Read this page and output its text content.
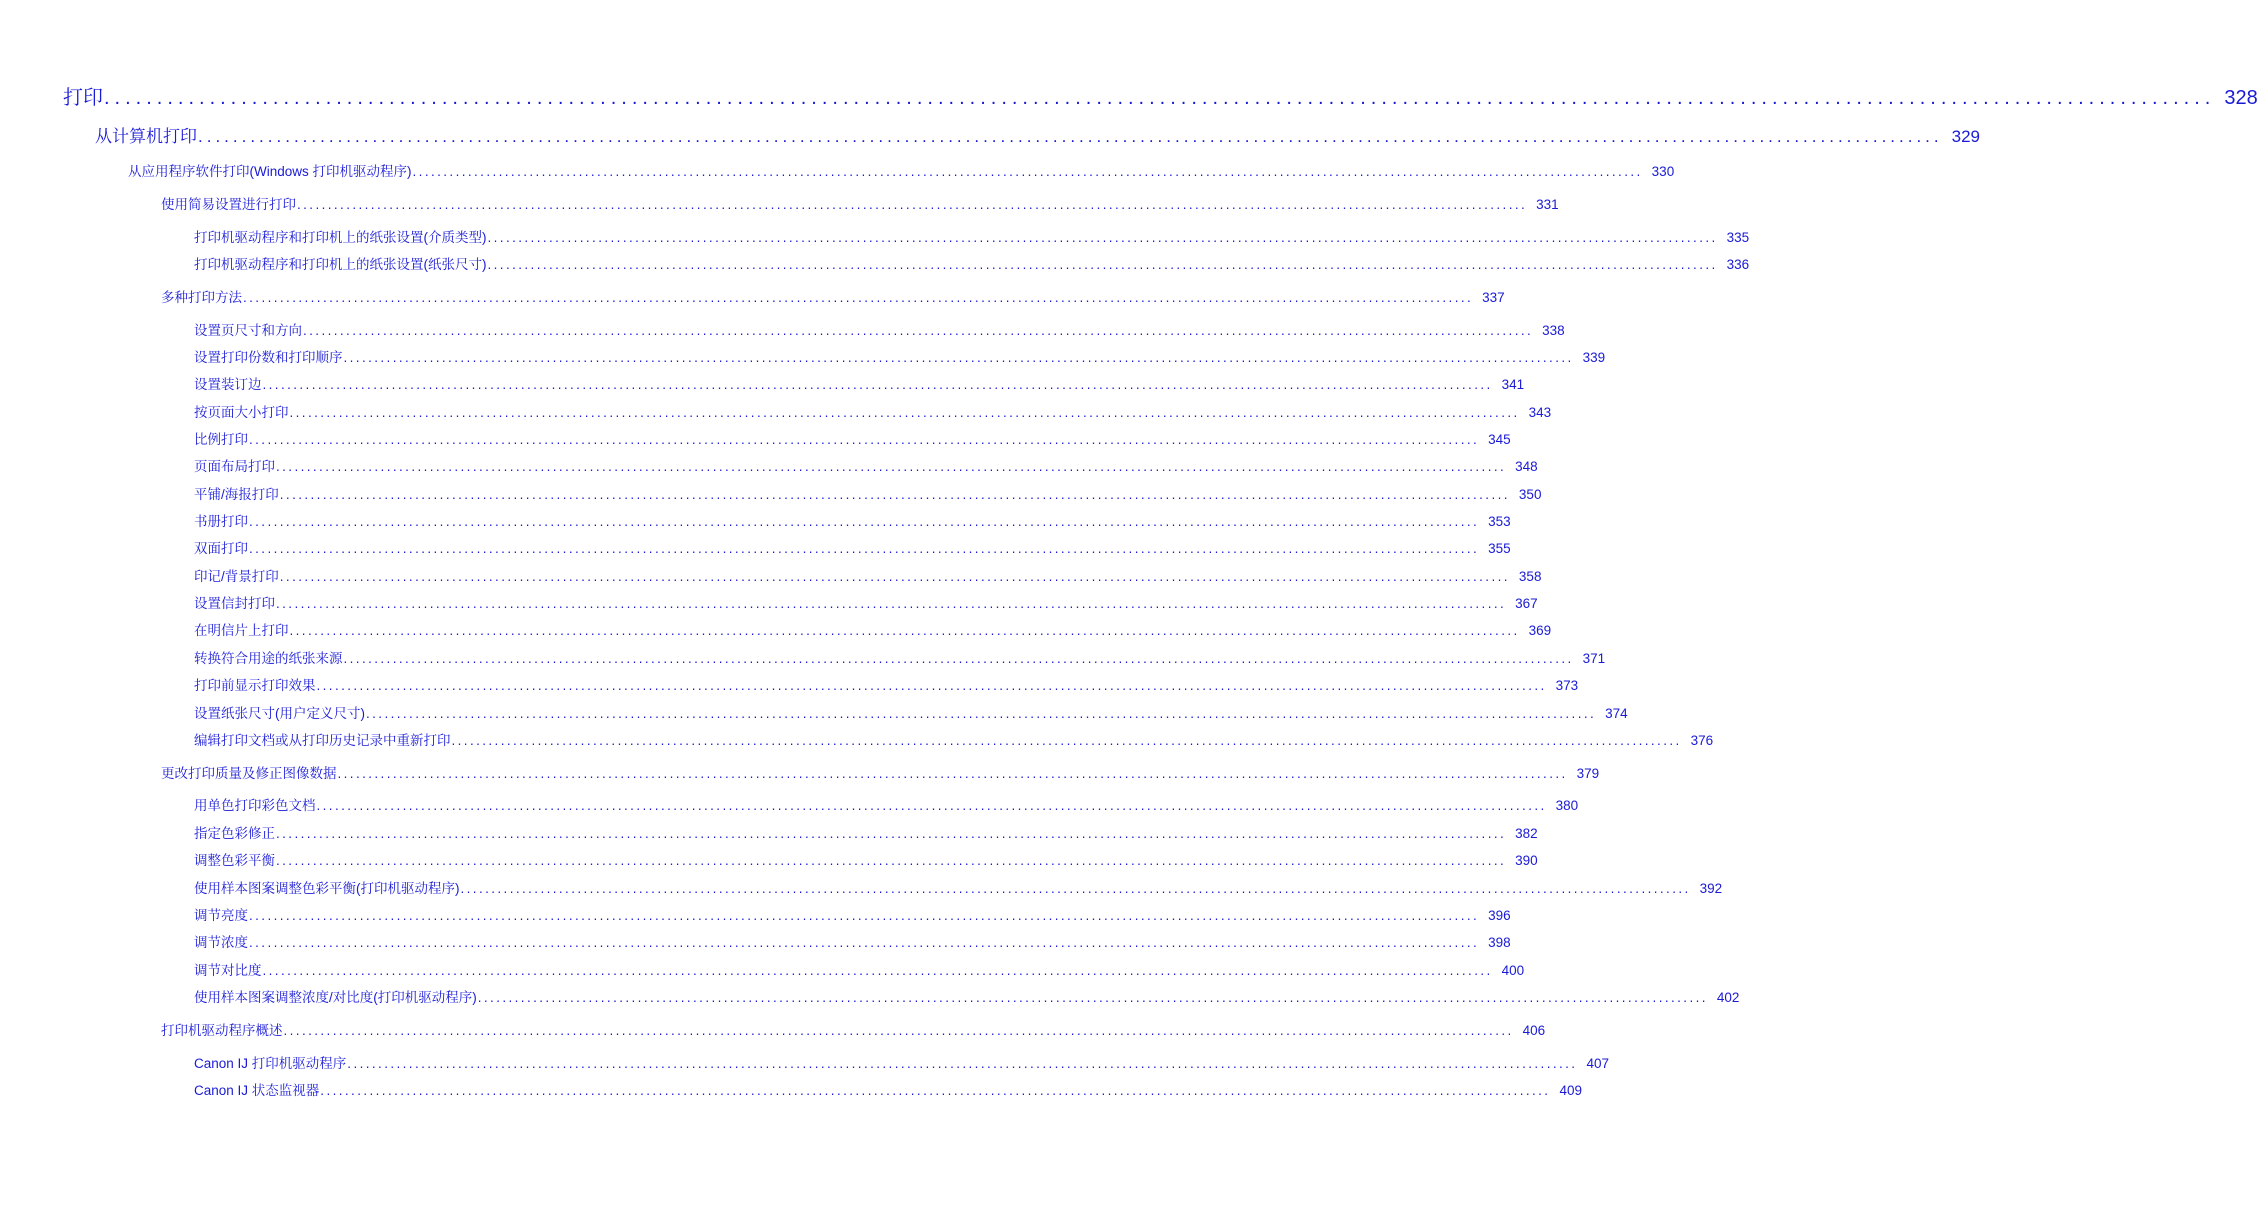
打印 ........................................................................................................................................................................................................ 328
从计算机打印 ........................................................................................................................................................................................................ 329
从应用程序软件打印(Windows 打印机驱动程序) ........................................................................................................................................................................................................ 330
使用简易设置进行打印 ........................................................................................................................................................................................................ 331
打印机驱动程序和打印机上的纸张设置(介质类型) ........................................................................................................................................................................................................ 335
打印机驱动程序和打印机上的纸张设置(纸张尺寸) ........................................................................................................................................................................................................ 336
多种打印方法 ........................................................................................................................................................................................................ 337
设置页尺寸和方向 ........................................................................................................................................................................................................ 338
设置打印份数和打印顺序 ........................................................................................................................................................................................................ 339
设置装订边 ........................................................................................................................................................................................................ 341
按页面大小打印 ........................................................................................................................................................................................................ 343
比例打印 ........................................................................................................................................................................................................ 345
页面布局打印 ........................................................................................................................................................................................................ 348
平铺/海报打印 ........................................................................................................................................................................................................ 350
书册打印 ........................................................................................................................................................................................................ 353
双面打印 ........................................................................................................................................................................................................ 355
印记/背景打印 ........................................................................................................................................................................................................ 358
设置信封打印 ........................................................................................................................................................................................................ 367
在明信片上打印 ........................................................................................................................................................................................................ 369
转换符合用途的纸张来源 ........................................................................................................................................................................................................ 371
打印前显示打印效果 ........................................................................................................................................................................................................ 373
设置纸张尺寸(用户定义尺寸) ........................................................................................................................................................................................................ 374
编辑打印文档或从打印历史记录中重新打印 ........................................................................................................................................................................................................ 376
更改打印质量及修正图像数据 ........................................................................................................................................................................................................ 379
用单色打印彩色文档 ........................................................................................................................................................................................................ 380
指定色彩修正 ........................................................................................................................................................................................................ 382
调整色彩平衡 ........................................................................................................................................................................................................ 390
使用样本图案调整色彩平衡(打印机驱动程序) ........................................................................................................................................................................................................ 392
调节亮度 ........................................................................................................................................................................................................ 396
调节浓度 ........................................................................................................................................................................................................ 398
调节对比度 ........................................................................................................................................................................................................ 400
使用样本图案调整浓度/对比度(打印机驱动程序) ........................................................................................................................................................................................................ 402
打印机驱动程序概述 ........................................................................................................................................................................................................ 406
Canon IJ 打印机驱动程序 ........................................................................................................................................................................................................ 407
Canon IJ 状态监视器 ........................................................................................................................................................................................................ 409
